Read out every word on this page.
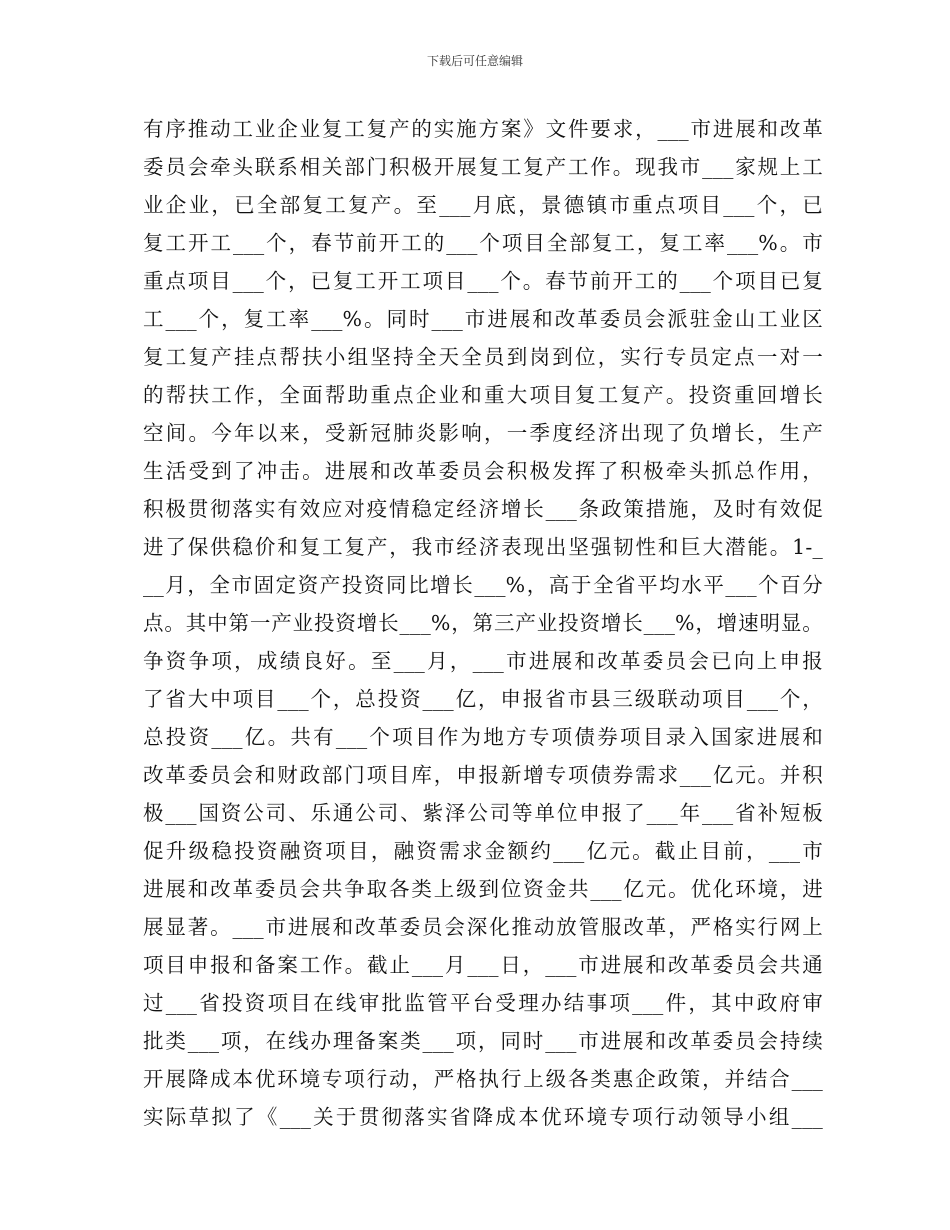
下载后可任意编辑
有序推动工业企业复工复产的实施方案》文件要求，___市进展和改革
委员会牵头联系相关部门积极开展复工复产工作。现我市___家规上工
业企业，已全部复工复产。至___月底，景德镇市重点项目___个，已
复工开工___个，春节前开工的___个项目全部复工，复工率___%。市
重点项目___个，已复工开工项目___个。春节前开工的___个项目已复
工___个，复工率___%。同时___市进展和改革委员会派驻金山工业区
复工复产挂点帮扶小组坚持全天全员到岗到位，实行专员定点一对一
的帮扶工作，全面帮助重点企业和重大项目复工复产。投资重回增长
空间。今年以来，受新冠肺炎影响，一季度经济出现了负增长，生产
生活受到了冲击。进展和改革委员会积极发挥了积极牵头抓总作用，
积极贯彻落实有效应对疫情稳定经济增长___条政策措施，及时有效促
进了保供稳价和复工复产，我市经济表现出坚强韧性和巨大潜能。1-_
__月，全市固定资产投资同比增长___%，高于全省平均水平___个百分
点。其中第一产业投资增长___%，第三产业投资增长___%，增速明显。
争资争项，成绩良好。至___月，___市进展和改革委员会已向上申报
了省大中项目___个，总投资___亿，申报省市县三级联动项目___个，
总投资___亿。共有___个项目作为地方专项债券项目录入国家进展和
改革委员会和财政部门项目库，申报新增专项债券需求___亿元。并积
极___国资公司、乐通公司、紫泽公司等单位申报了___年___省补短板
促升级稳投资融资项目，融资需求金额约___亿元。截止目前，___市
进展和改革委员会共争取各类上级到位资金共___亿元。优化环境，进
展显著。___市进展和改革委员会深化推动放管服改革，严格实行网上
项目申报和备案工作。截止___月___日，___市进展和改革委员会共通
过___省投资项目在线审批监管平台受理办结事项___件，其中政府审
批类___项，在线办理备案类___项，同时___市进展和改革委员会持续
开展降成本优环境专项行动，严格执行上级各类惠企政策，并结合___
实际草拟了《___关于贯彻落实省降成本优环境专项行动领导小组___
